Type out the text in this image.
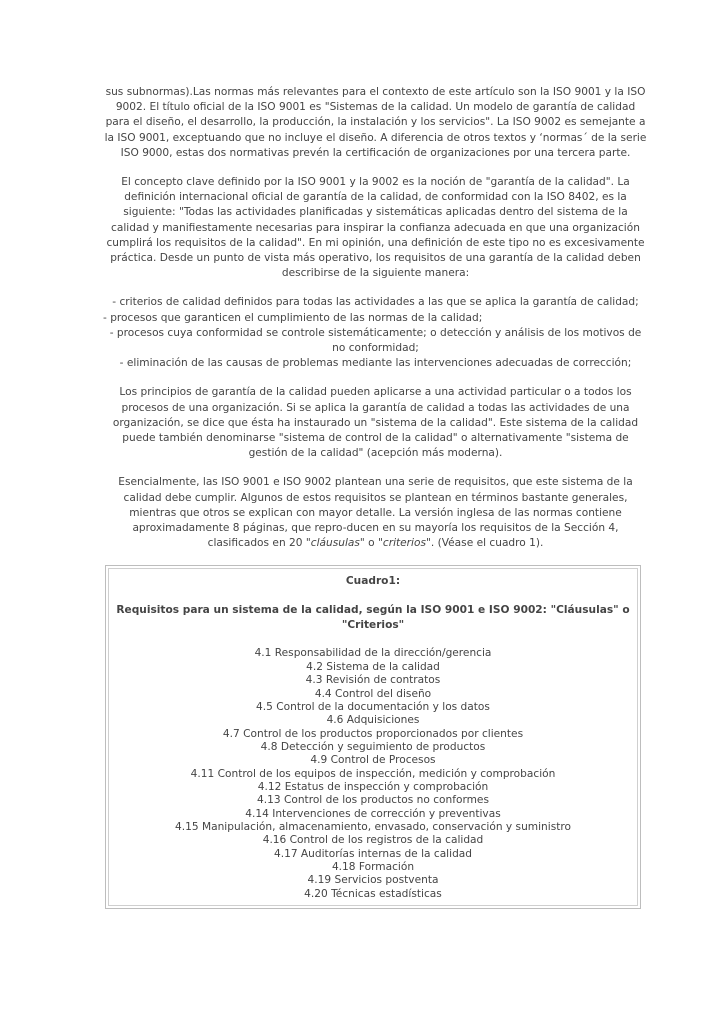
sus subnormas).Las normas más relevantes para el contexto de este artículo son la ISO 9001 y la ISO 9002. El título oficial de la ISO 9001 es "Sistemas de la calidad. Un modelo de garantía de calidad para el diseño, el desarrollo, la producción, la instalación y los servicios". La ISO 9002 es semejante a la ISO 9001, exceptuando que no incluye el diseño. A diferencia de otros textos y ‘normas´ de la serie ISO 9000, estas dos normativas prevén la certificación de organizaciones por una tercera parte.

El concepto clave definido por la ISO 9001 y la 9002 es la noción de "garantía de la calidad". La definición internacional oficial de garantía de la calidad, de conformidad con la ISO 8402, es la siguiente: "Todas las actividades planificadas y sistemáticas aplicadas dentro del sistema de la calidad y manifiestamente necesarias para inspirar la confianza adecuada en que una organización cumplirá los requisitos de la calidad". En mi opinión, una definición de este tipo no es excesivamente práctica. Desde un punto de vista más operativo, los requisitos de una garantía de la calidad deben describirse de la siguiente manera:

- criterios de calidad definidos para todas las actividades a las que se aplica la garantía de calidad;
- procesos que garanticen el cumplimiento de las normas de la calidad;
- procesos cuya conformidad se controle sistemáticamente; o detección y análisis de los motivos de no conformidad;
- eliminación de las causas de problemas mediante las intervenciones adecuadas de corrección;

Los principios de garantía de la calidad pueden aplicarse a una actividad particular o a todos los procesos de una organización. Si se aplica la garantía de calidad a todas las actividades de una organización, se dice que ésta ha instaurado un "sistema de la calidad". Este sistema de la calidad puede también denominarse "sistema de control de la calidad" o alternativamente "sistema de gestión de la calidad" (acepción más moderna).

Esencialmente, las ISO 9001 e ISO 9002 plantean una serie de requisitos, que este sistema de la calidad debe cumplir. Algunos de estos requisitos se plantean en términos bastante generales, mientras que otros se explican con mayor detalle. La versión inglesa de las normas contiene aproximadamente 8 páginas, que repro-ducen en su mayoría los requisitos de la Sección 4, clasificados en 20 "cláusulas" o "criterios". (Véase el cuadro 1).

Cuadro1:
Requisitos para un sistema de la calidad, según la ISO 9001 e ISO 9002: "Cláusulas" o "Criterios"
4.1 Responsabilidad de la dirección/gerencia
4.2 Sistema de la calidad
4.3 Revisión de contratos
4.4 Control del diseño
4.5 Control de la documentación y los datos
4.6 Adquisiciones
4.7 Control de los productos proporcionados por clientes
4.8 Detección y seguimiento de productos
4.9 Control de Procesos
4.11 Control de los equipos de inspección, medición y comprobación
4.12 Estatus de inspección y comprobación
4.13 Control de los productos no conformes
4.14 Intervenciones de corrección y preventivas
4.15 Manipulación, almacenamiento, envasado, conservación y suministro
4.16 Control de los registros de la calidad
4.17 Auditorías internas de la calidad
4.18 Formación
4.19 Servicios postventa
4.20 Técnicas estadísticas
